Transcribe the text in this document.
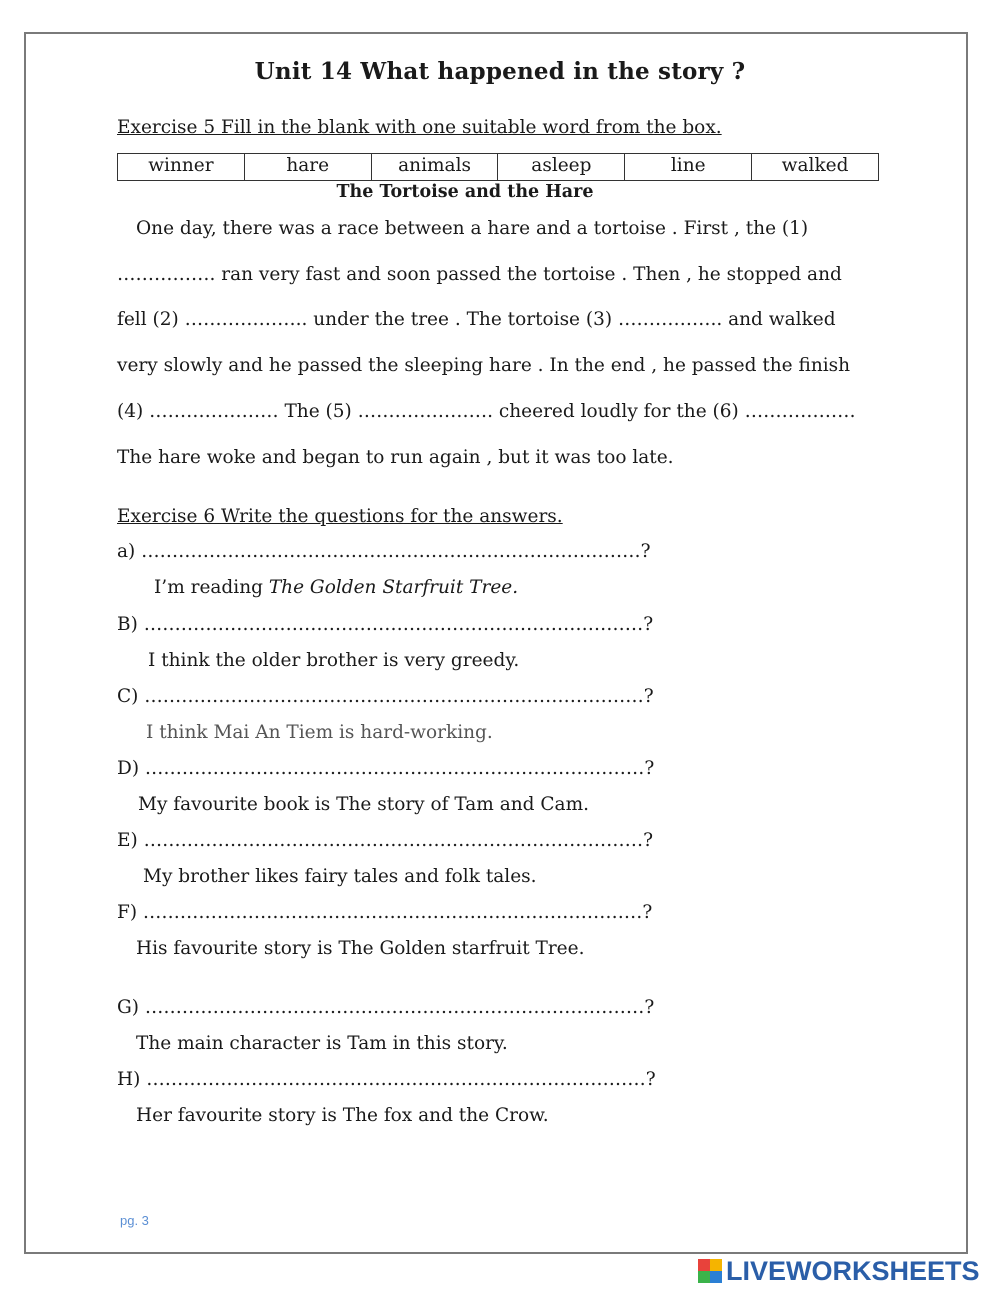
Unit 14 What happened in the story ?
Exercise 5 Fill in the blank with one suitable word from the box.
winner	hare	animals	asleep	line	walked
The Tortoise and the Hare
One day, there was a race between a hare and a tortoise . First , the (1)
……………. ran very fast and soon passed the tortoise . Then , he stopped and
fell (2) ……………….. under the tree . The tortoise (3) …………….. and walked
very slowly and he passed the sleeping hare . In the end , he passed the finish
(4) ………………… The (5) …………………. cheered loudly for the (6) ………………
The hare woke and began to run again , but it was too late.
Exercise 6 Write the questions for the answers.
a) ………………………………………………………………………?
I’m reading The Golden Starfruit Tree.
B) ………………………………………………………………………?
I think the older brother is very greedy.
C) ………………………………………………………………………?
I think Mai An Tiem is hard-working.
D) ………………………………………………………………………?
My favourite book is The story of Tam and Cam.
E) ………………………………………………………………………?
My brother likes fairy tales and folk tales.
F) ………………………………………………………………………?
His favourite story is The Golden starfruit Tree.
G) ………………………………………………………………………?
The main character is Tam in this story.
H) ………………………………………………………………………?
Her favourite story is The fox and the Crow.
pg. 3
LIVEWORKSHEETS
